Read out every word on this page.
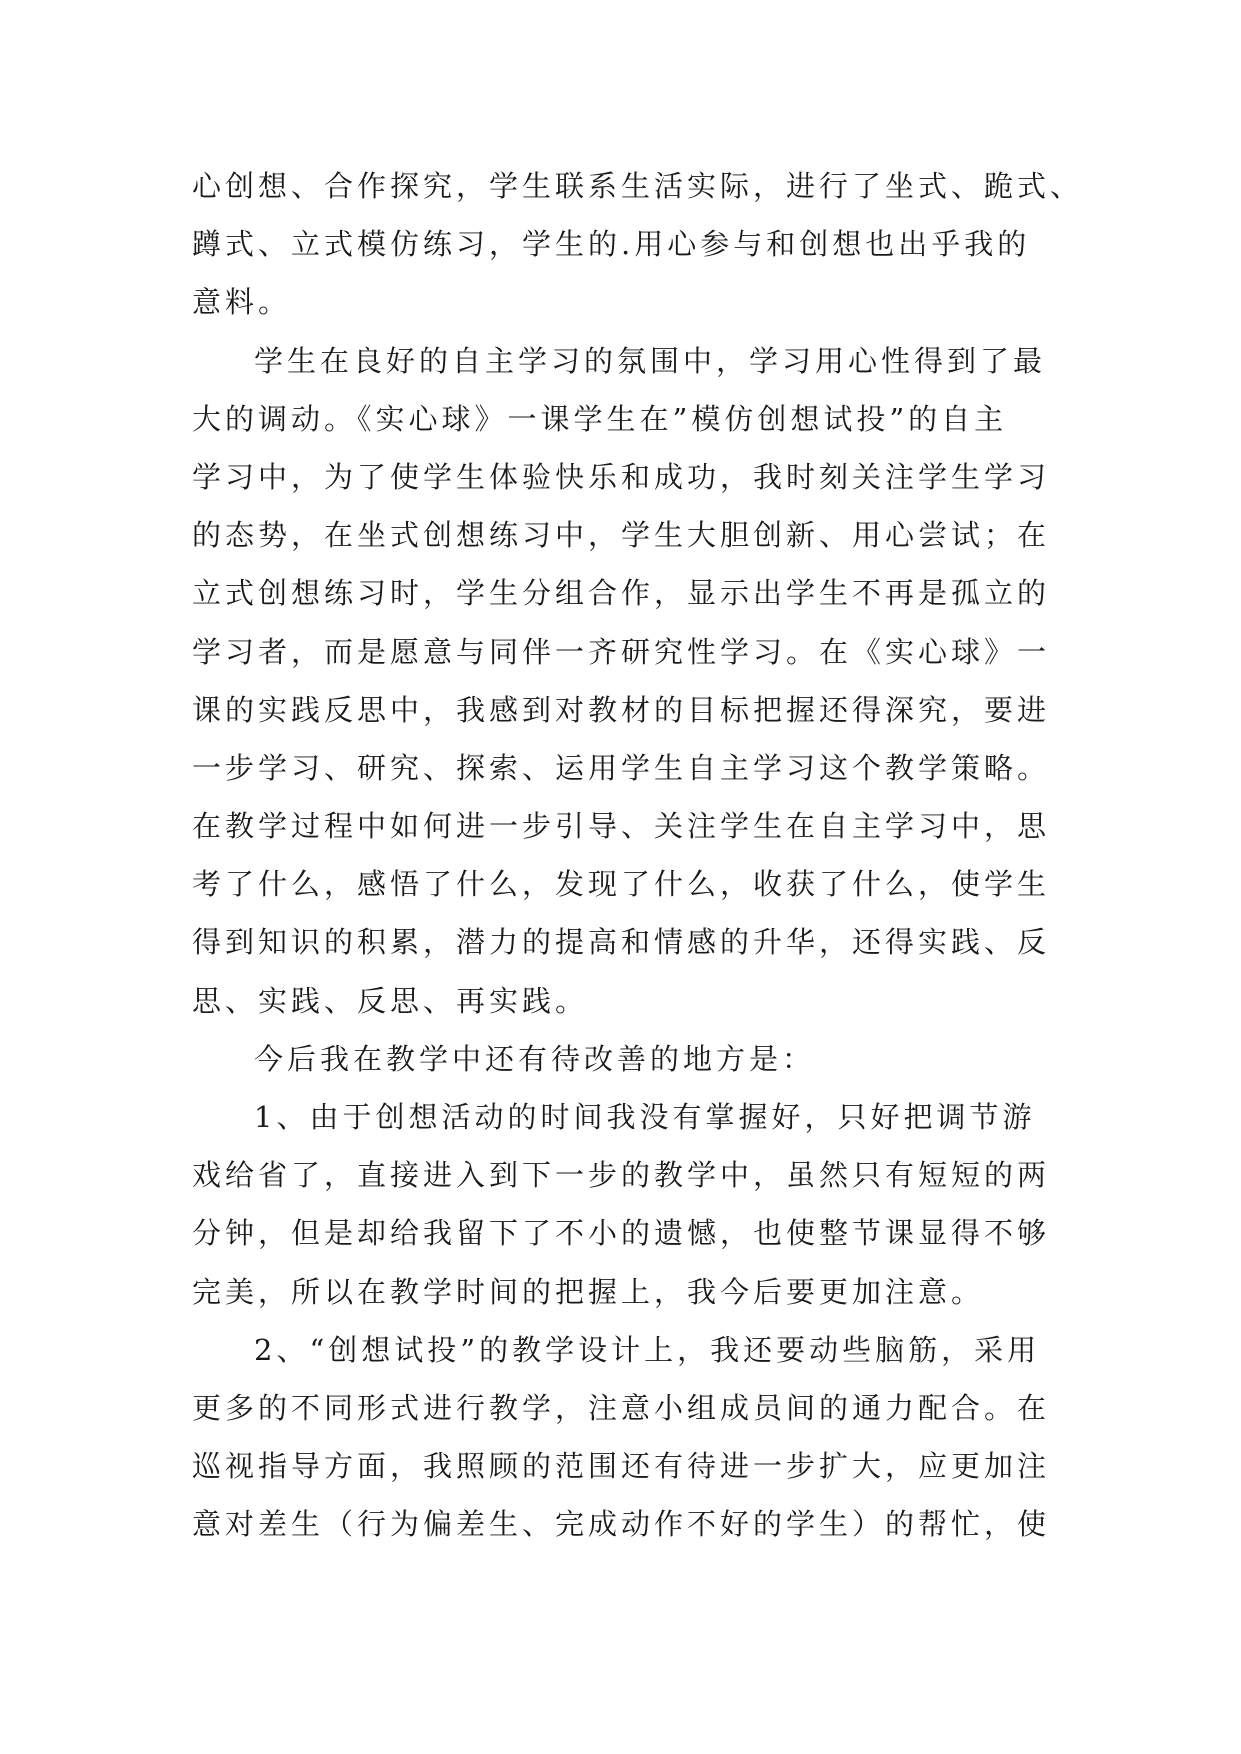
心创想、合作探究，学生联系生活实际，进行了坐式、跪式、
蹲式、立式模仿练习，学生的.用心参与和创想也出乎我的
意料。
学生在良好的自主学习的氛围中，学习用心性得到了最
大的调动。《实心球》一课学生在”模仿创想试投”的自主
学习中，为了使学生体验快乐和成功，我时刻关注学生学习
的态势，在坐式创想练习中，学生大胆创新、用心尝试；在
立式创想练习时，学生分组合作，显示出学生不再是孤立的
学习者，而是愿意与同伴一齐研究性学习。在《实心球》一
课的实践反思中，我感到对教材的目标把握还得深究，要进
一步学习、研究、探索、运用学生自主学习这个教学策略。
在教学过程中如何进一步引导、关注学生在自主学习中，思
考了什么，感悟了什么，发现了什么，收获了什么，使学生
得到知识的积累，潜力的提高和情感的升华，还得实践、反
思、实践、反思、再实践。
今后我在教学中还有待改善的地方是：
1、由于创想活动的时间我没有掌握好，只好把调节游
戏给省了，直接进入到下一步的教学中，虽然只有短短的两
分钟，但是却给我留下了不小的遗憾，也使整节课显得不够
完美，所以在教学时间的把握上，我今后要更加注意。
2、“创想试投”的教学设计上，我还要动些脑筋，采用
更多的不同形式进行教学，注意小组成员间的通力配合。在
巡视指导方面，我照顾的范围还有待进一步扩大，应更加注
意对差生（行为偏差生、完成动作不好的学生）的帮忙，使
